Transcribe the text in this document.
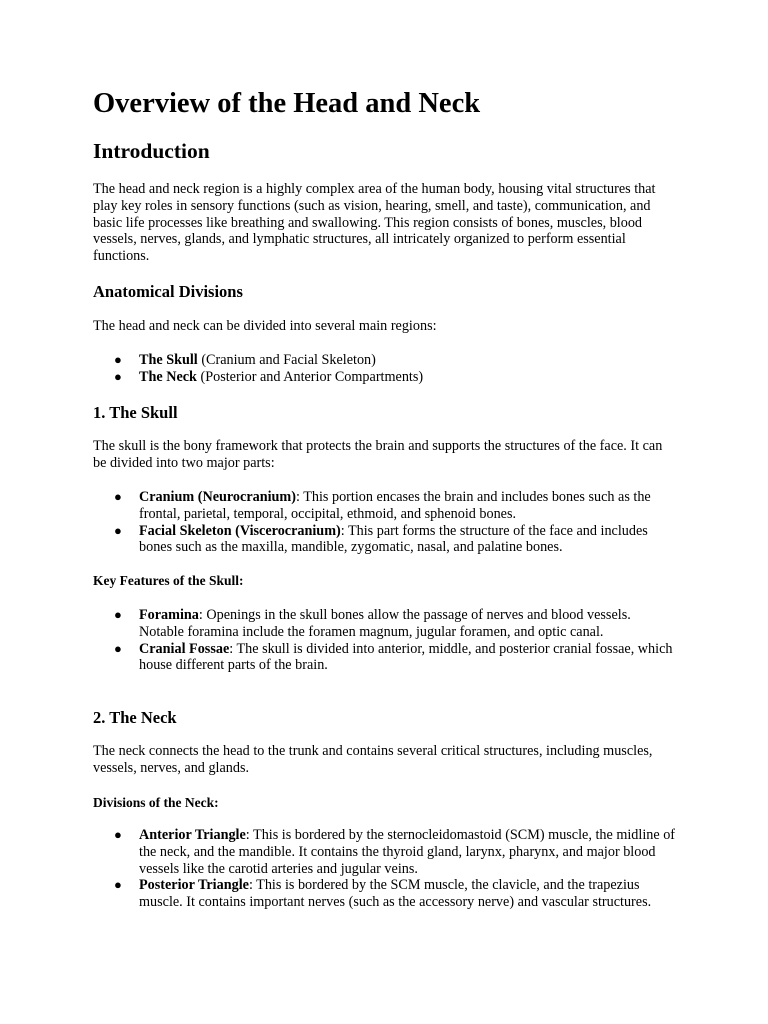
Overview of the Head and Neck
Introduction

The head and neck region is a highly complex area of the human body, housing vital structures that play key roles in sensory functions (such as vision, hearing, smell, and taste), communication, and basic life processes like breathing and swallowing. This region consists of bones, muscles, blood vessels, nerves, glands, and lymphatic structures, all intricately organized to perform essential functions.

Anatomical Divisions

The head and neck can be divided into several main regions:

● The Skull (Cranium and Facial Skeleton)
● The Neck (Posterior and Anterior Compartments)
1. The Skull

The skull is the bony framework that protects the brain and supports the structures of the face. It can be divided into two major parts:

● Cranium (Neurocranium): This portion encases the brain and includes bones such as the frontal, parietal, temporal, occipital, ethmoid, and sphenoid bones.
● Facial Skeleton (Viscerocranium): This part forms the structure of the face and includes bones such as the maxilla, mandible, zygomatic, nasal, and palatine bones.
Key Features of the Skull:
● Foramina: Openings in the skull bones allow the passage of nerves and blood vessels. Notable foramina include the foramen magnum, jugular foramen, and optic canal.
● Cranial Fossae: The skull is divided into anterior, middle, and posterior cranial fossae, which house different parts of the brain.
2. The Neck

The neck connects the head to the trunk and contains several critical structures, including muscles, vessels, nerves, and glands.

Divisions of the Neck:
● Anterior Triangle: This is bordered by the sternocleidomastoid (SCM) muscle, the midline of the neck, and the mandible. It contains the thyroid gland, larynx, pharynx, and major blood vessels like the carotid arteries and jugular veins.
● Posterior Triangle: This is bordered by the SCM muscle, the clavicle, and the trapezius muscle. It contains important nerves (such as the accessory nerve) and vascular structures.
